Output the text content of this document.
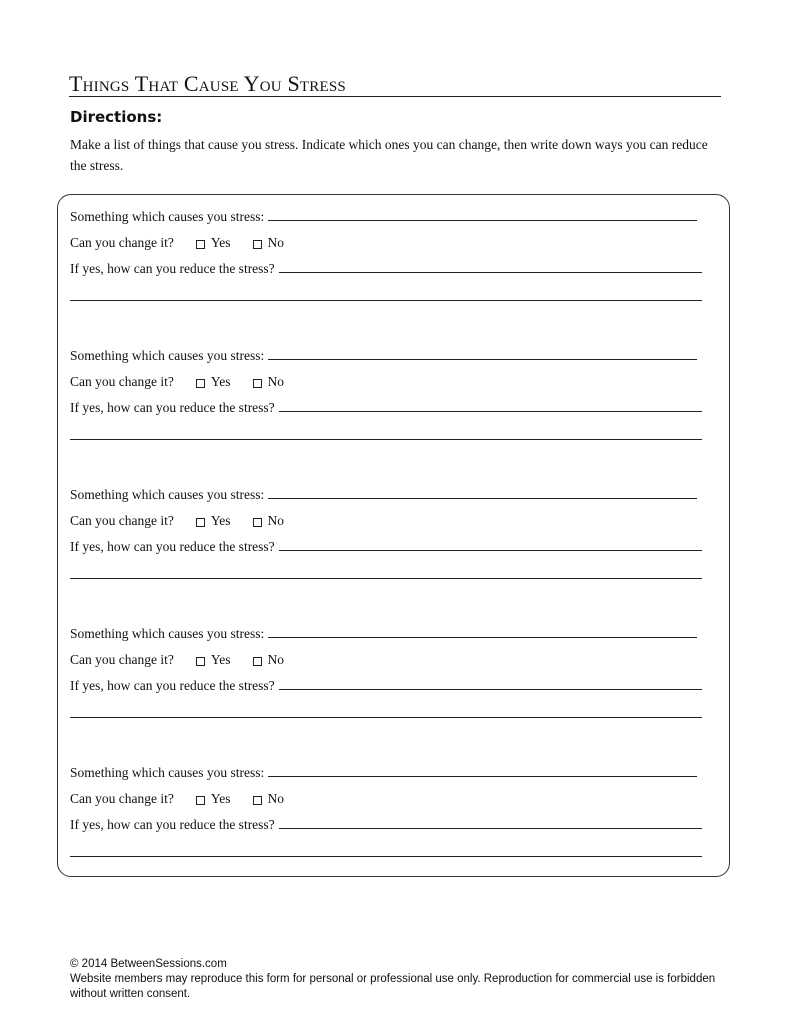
Things That Cause You Stress
Directions:
Make a list of things that cause you stress. Indicate which ones you can change, then write down ways you can reduce the stress.
Something which causes you stress:
Can you change it?	Yes	No
If yes, how can you reduce the stress?
Something which causes you stress:
Can you change it?	Yes	No
If yes, how can you reduce the stress?
Something which causes you stress:
Can you change it?	Yes	No
If yes, how can you reduce the stress?
Something which causes you stress:
Can you change it?	Yes	No
If yes, how can you reduce the stress?
Something which causes you stress:
Can you change it?	Yes	No
If yes, how can you reduce the stress?
© 2014 BetweenSessions.com
Website members may reproduce this form for personal or professional use only. Reproduction for commercial use is forbidden without written consent.
